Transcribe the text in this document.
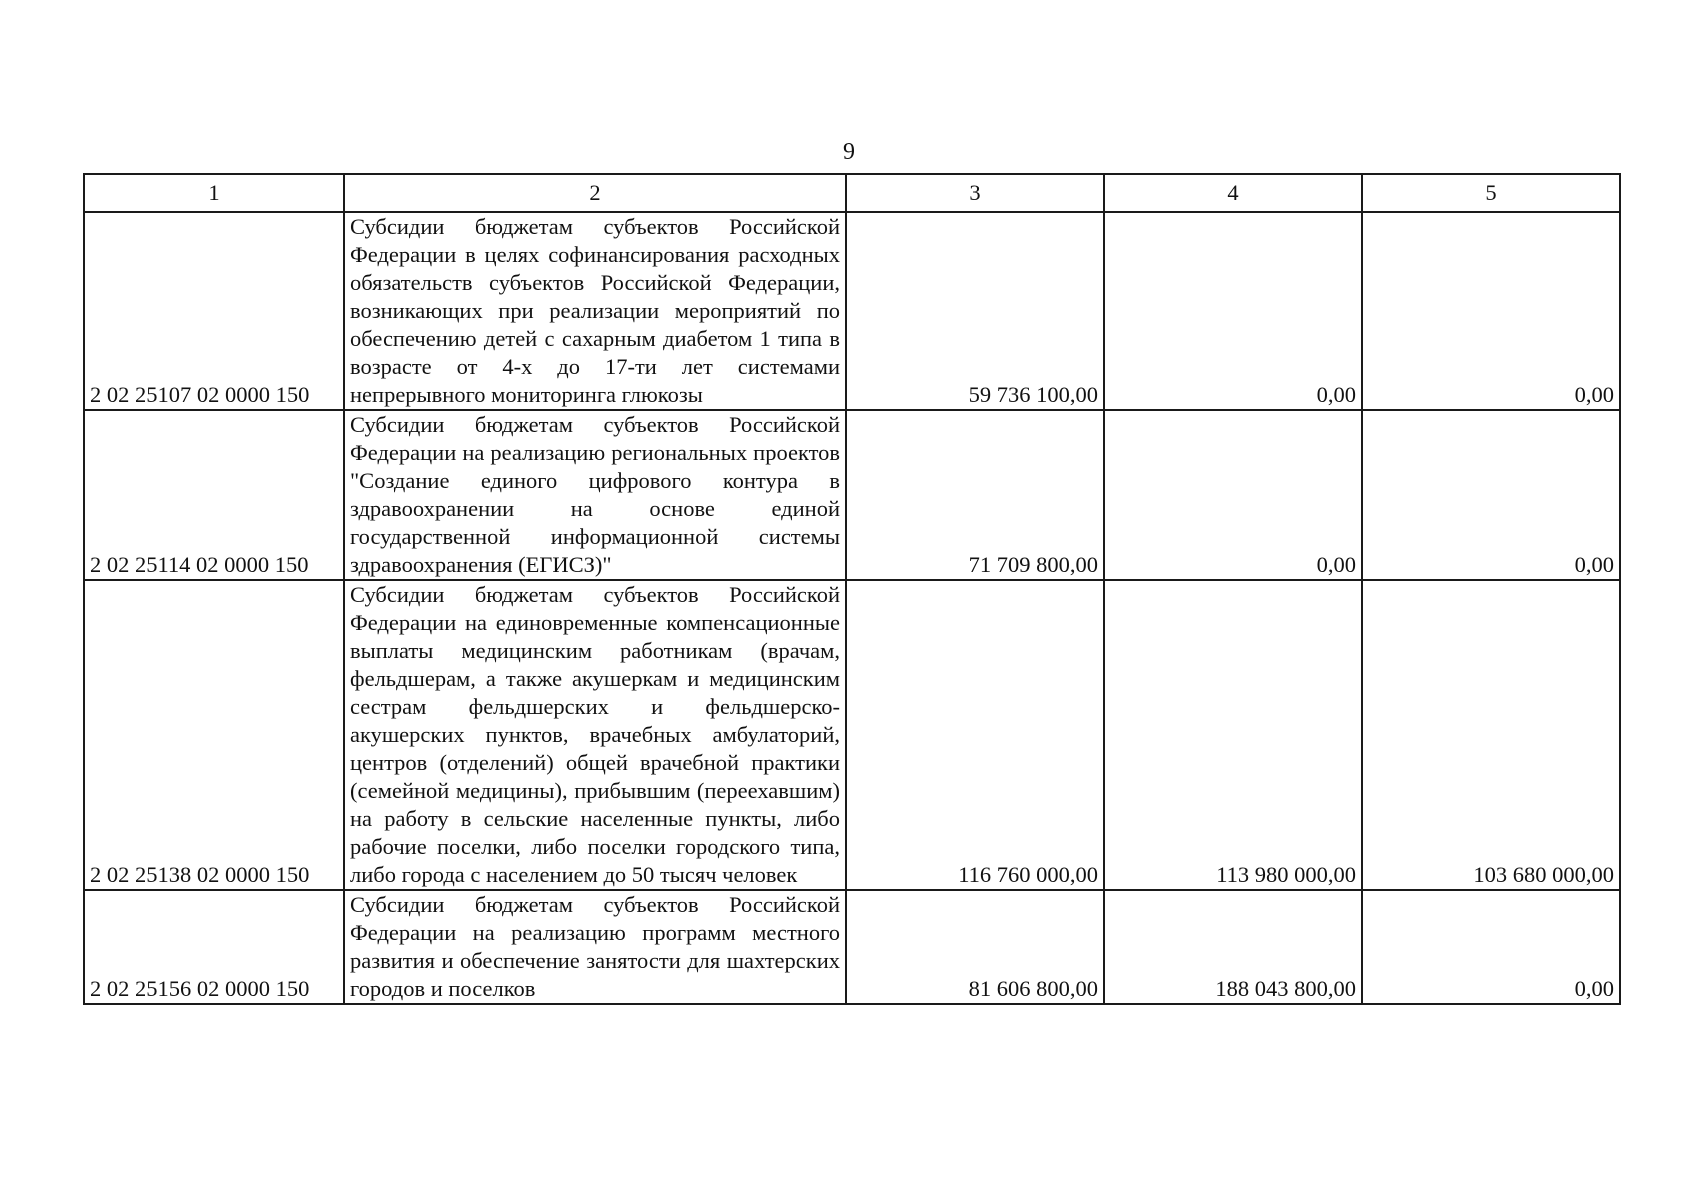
9
1	2	3	4	5
2 02 25107 02 0000 150	Субсидии бюджетам субъектов Российской Федерации в целях софинансирования расходных обязательств субъектов Российской Федерации, возникающих при реализации мероприятий по обеспечению детей с сахарным диабетом 1 типа в возрасте от 4-х до 17-ти лет системами непрерывного мониторинга глюкозы	59 736 100,00	0,00	0,00
2 02 25114 02 0000 150	Субсидии бюджетам субъектов Российской Федерации на реализацию региональных проектов "Создание единого цифрового контура в здравоохранении на основе единой государственной информационной системы здравоохранения (ЕГИСЗ)"	71 709 800,00	0,00	0,00
2 02 25138 02 0000 150	Субсидии бюджетам субъектов Российской Федерации на единовременные компенсационные выплаты медицинским работникам (врачам, фельдшерам, а также акушеркам и медицинским сестрам фельдшерских и фельдшерско-акушерских пунктов, врачебных амбулаторий, центров (отделений) общей врачебной практики (семейной медицины), прибывшим (переехавшим) на работу в сельские населенные пункты, либо рабочие поселки, либо поселки городского типа, либо города с населением до 50 тысяч человек	116 760 000,00	113 980 000,00	103 680 000,00
2 02 25156 02 0000 150	Субсидии бюджетам субъектов Российской Федерации на реализацию программ местного развития и обеспечение занятости для шахтерских городов и поселков	81 606 800,00	188 043 800,00	0,00
